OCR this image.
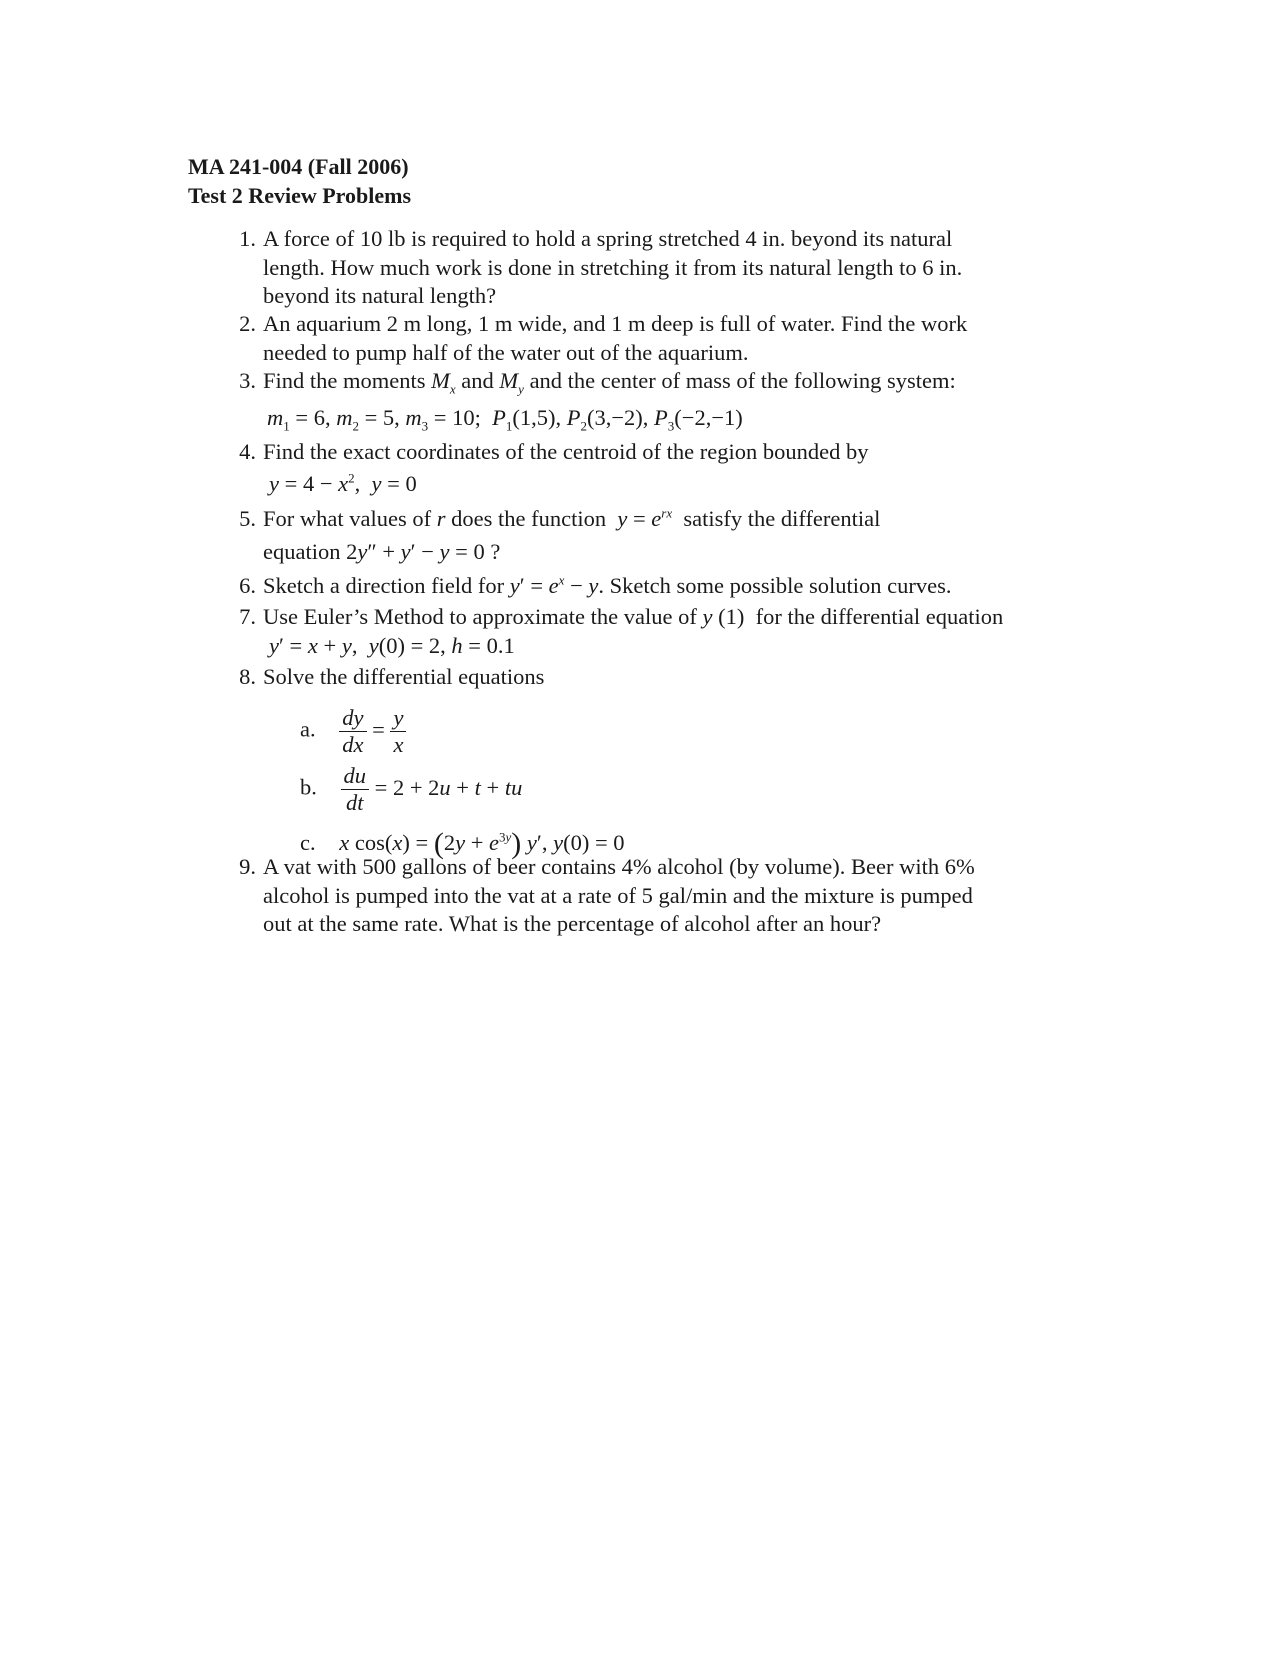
MA 241-004 (Fall 2006)
Test 2 Review Problems
1. A force of 10 lb is required to hold a spring stretched 4 in. beyond its natural
length. How much work is done in stretching it from its natural length to 6 in.
beyond its natural length?
2. An aquarium 2 m long, 1 m wide, and 1 m deep is full of water. Find the work
needed to pump half of the water out of the aquarium.
3. Find the moments $M_x$ and $M_y$ and the center of mass of the following system:
$m_1 = 6$, $m_2 = 5$, $m_3 = 10$;  $P_1(1,5)$, $P_2(3,-2)$, $P_3(-2,-1)$
4. Find the exact coordinates of the centroid of the region bounded by
$y = 4 - x^2$,  y = 0
5. For what values of r does the function $y = e^{rx}$ satisfy the differential
equation 2y″ + y′ − y = 0 ?
6. Sketch a direction field for $y' = e^x - y$. Sketch some possible solution curves.
7. Use Euler’s Method to approximate the value of y (1)  for the differential equation
y′ = x + y,  y(0) = 2, h = 0.1
8. Solve the differential equations
a. $\frac{dy}{dx} = \frac{y}{x}$
b. $\frac{du}{dt} = 2 + 2u + t$ + tu
c. x $\cos(x) = (2y + e^{3y})$ y′, y(0) = 0
9. A vat with 500 gallons of beer contains 4% alcohol (by volume). Beer with 6%
alcohol is pumped into the vat at a rate of 5 gal/min and the mixture is pumped
out at the same rate. What is the percentage of alcohol after an hour?
